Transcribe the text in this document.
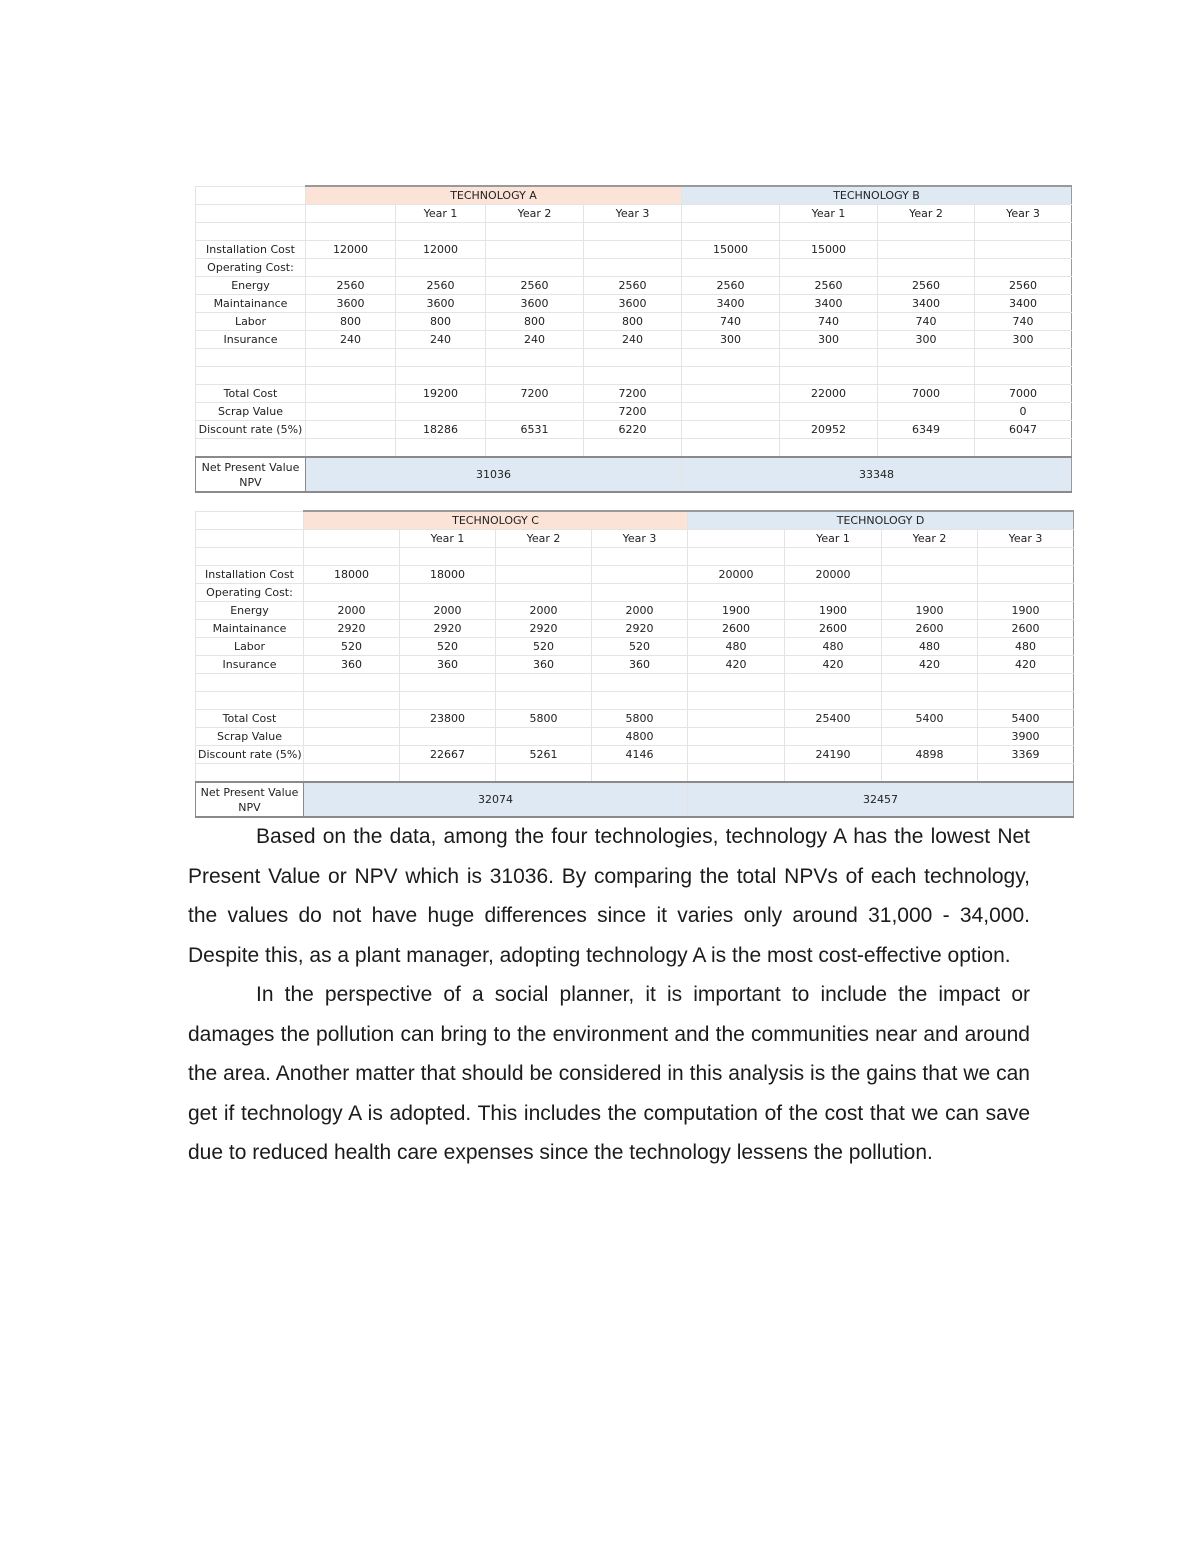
	TECHNOLOGY A				TECHNOLOGY B			
		Year 1	Year 2	Year 3		Year 1	Year 2	Year 3

Installation Cost	12000	12000			15000	15000		
Operating Cost:								
Energy	2560	2560	2560	2560	2560	2560	2560	2560
Maintainance	3600	3600	3600	3600	3400	3400	3400	3400
Labor	800	800	800	800	740	740	740	740
Insurance	240	240	240	240	300	300	300	300

Total Cost		19200	7200	7200		22000	7000	7000
Scrap Value				7200				0
Discount rate (5%)		18286	6531	6220		20952	6349	6047

Net Present Value NPV	31036				33348			
	TECHNOLOGY C				TECHNOLOGY D			
		Year 1	Year 2	Year 3		Year 1	Year 2	Year 3

Installation Cost	18000	18000			20000	20000		
Operating Cost:								
Energy	2000	2000	2000	2000	1900	1900	1900	1900
Maintainance	2920	2920	2920	2920	2600	2600	2600	2600
Labor	520	520	520	520	480	480	480	480
Insurance	360	360	360	360	420	420	420	420

Total Cost		23800	5800	5800		25400	5400	5400
Scrap Value				4800				3900
Discount rate (5%)		22667	5261	4146		24190	4898	3369

Net Present Value NPV	32074				32457			

Based on the data, among the four technologies, technology A has the lowest Net Present Value or NPV which is 31036. By comparing the total NPVs of each technology, the values do not have huge differences since it varies only around 31,000 - 34,000. Despite this, as a plant manager, adopting technology A is the most cost-effective option.

In the perspective of a social planner, it is important to include the impact or damages the pollution can bring to the environment and the communities near and around the area. Another matter that should be considered in this analysis is the gains that we can get if technology A is adopted. This includes the computation of the cost that we can save due to reduced health care expenses since the technology lessens the pollution.
